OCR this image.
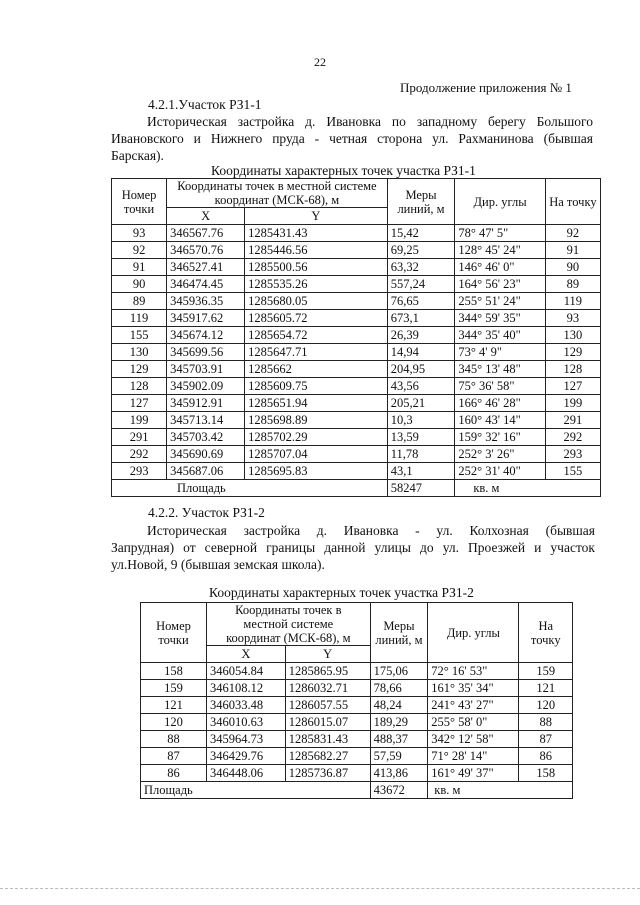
22
Продолжение приложения № 1
4.2.1.Участок РЗ1-1
Историческая застройка д. Ивановка по западному берегу Большого
Ивановского и Нижнего пруда - четная сторона ул. Рахманинова (бывшая
Барская).
Координаты характерных точек участка РЗ1-1
Номер точки	Координаты точек в местной системе координат (МСК-68), м		Меры линий, м	Дир. углы	На точку
	X	Y			
93	346567.76	1285431.43	15,42	78° 47' 5"	92
92	346570.76	1285446.56	69,25	128° 45' 24"	91
91	346527.41	1285500.56	63,32	146° 46' 0"	90
90	346474.45	1285535.26	557,24	164° 56' 23"	89
89	345936.35	1285680.05	76,65	255° 51' 24"	119
119	345917.62	1285605.72	673,1	344° 59' 35"	93
155	345674.12	1285654.72	26,39	344° 35' 40"	130
130	345699.56	1285647.71	14,94	73° 4' 9"	129
129	345703.91	1285662	204,95	345° 13' 48"	128
128	345902.09	1285609.75	43,56	75° 36' 58"	127
127	345912.91	1285651.94	205,21	166° 46' 28"	199
199	345713.14	1285698.89	10,3	160° 43' 14"	291
291	345703.42	1285702.29	13,59	159° 32' 16"	292
292	345690.69	1285707.04	11,78	252° 3' 26"	293
293	345687.06	1285695.83	43,1	252° 31' 40"	155
Площадь			58247	кв. м	
4.2.2. Участок РЗ1-2
Историческая застройка д. Ивановка - ул. Колхозная (бывшая
Запрудная) от северной границы данной улицы до ул. Проезжей и участок
ул.Новой, 9 (бывшая земская школа).
Координаты характерных точек участка РЗ1-2
Номер точки	Координаты точек в местной системе координат (МСК-68), м		Меры линий, м	Дир. углы	На точку
	X	Y			
158	346054.84	1285865.95	175,06	72° 16' 53"	159
159	346108.12	1286032.71	78,66	161° 35' 34"	121
121	346033.48	1286057.55	48,24	241° 43' 27"	120
120	346010.63	1286015.07	189,29	255° 58' 0"	88
88	345964.73	1285831.43	488,37	342° 12' 58"	87
87	346429.76	1285682.27	57,59	71° 28' 14"	86
86	346448.06	1285736.87	413,86	161° 49' 37"	158
Площадь			43672	кв. м	
